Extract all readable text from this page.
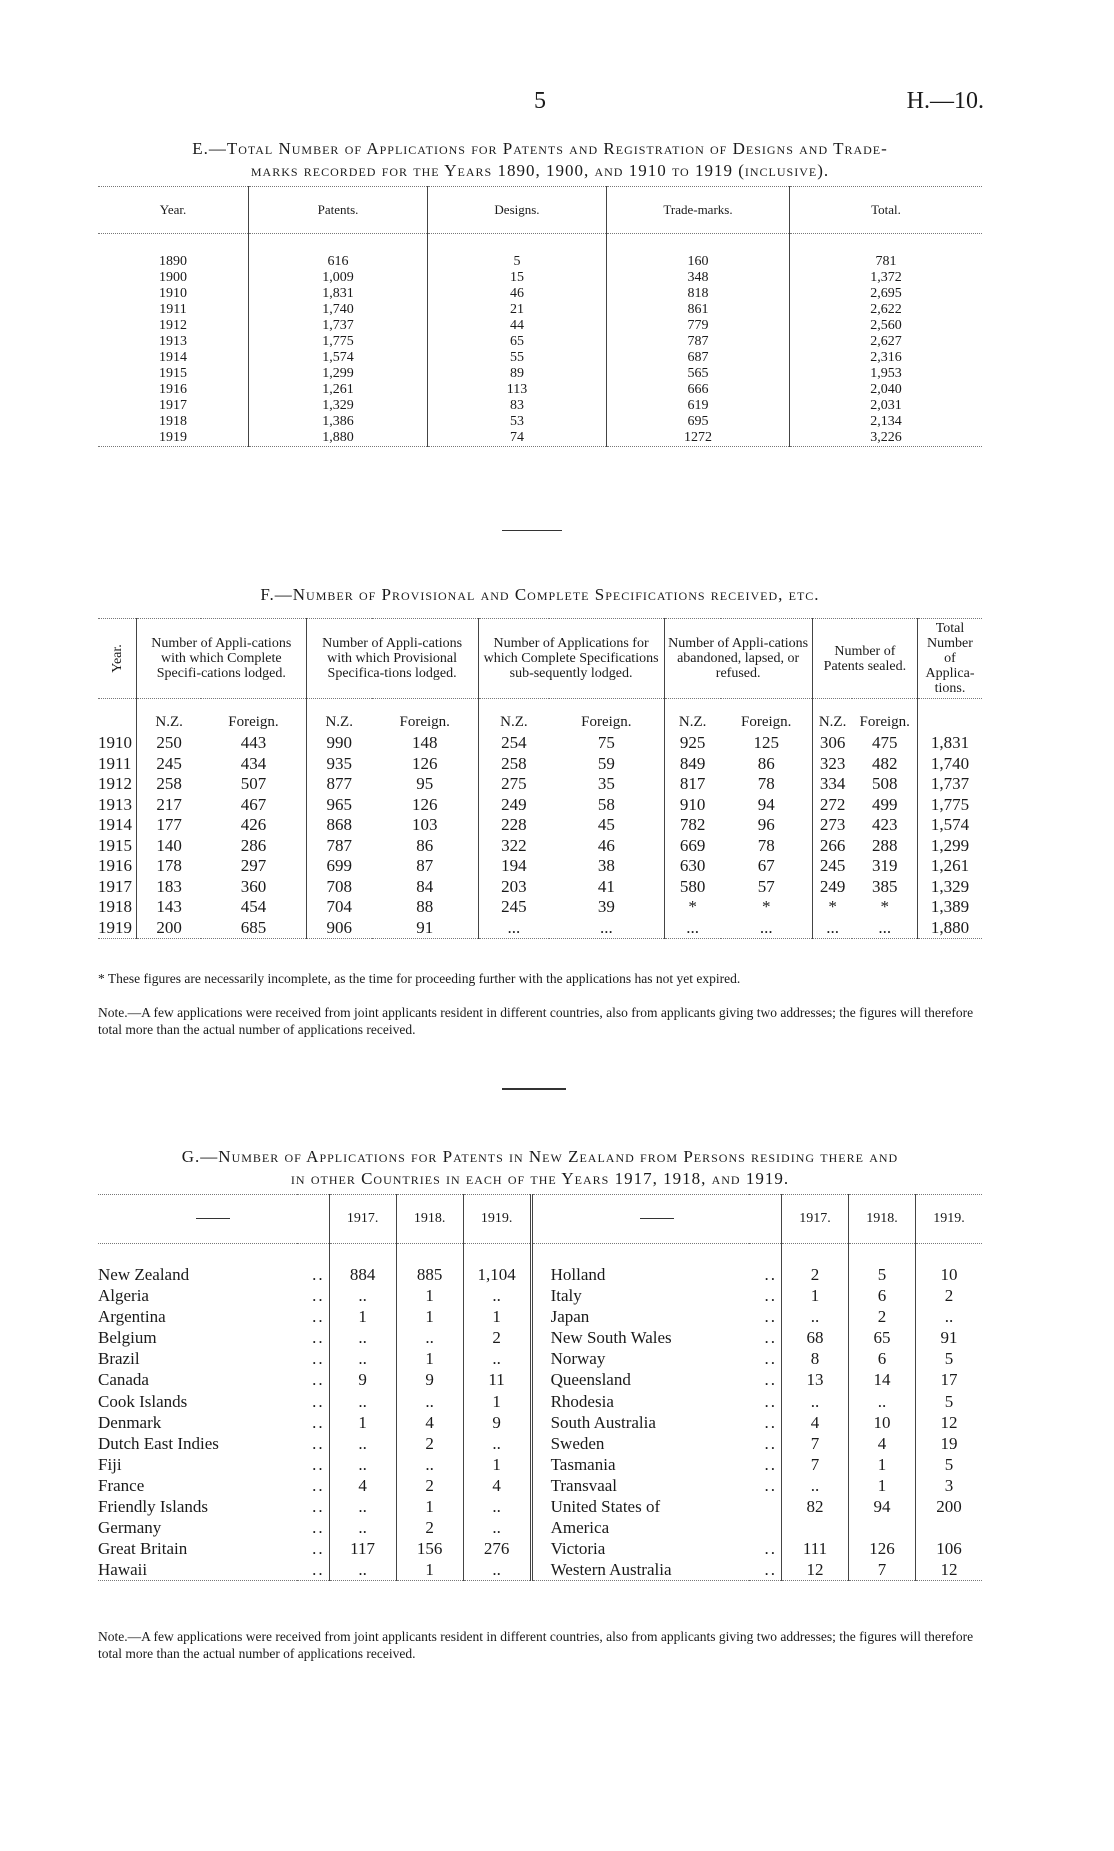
5	H.—10.
E.—Total Number of Applications for Patents and Registration of Designs and Trade-
marks recorded for the Years 1890, 1900, and 1910 to 1919 (inclusive).
Year.	Patents.	Designs.	Trade-marks.	Total.
1890	616	5	160	781
1900	1,009	15	348	1,372
1910	1,831	46	818	2,695
1911	1,740	21	861	2,622
1912	1,737	44	779	2,560
1913	1,775	65	787	2,627
1914	1,574	55	687	2,316
1915	1,299	89	565	1,953
1916	1,261	113	666	2,040
1917	1,329	83	619	2,031
1918	1,386	53	695	2,134
1919	1,880	74	1272	3,226
F.—Number of Provisional and Complete Specifications received, etc.
Year.	Number of Appli-cations with which Complete Specifi-cations lodged.		Number of Appli-cations with which Provisional Specifica-tions lodged.		Number of Applications for which Complete Specifications sub-sequently lodged.		Number of Appli-cations abandoned, lapsed, or refused.		Number of Patents sealed.		Total Number of Applica-tions.
	N.Z.	Foreign.	N.Z.	Foreign.	N.Z.	Foreign.	N.Z.	Foreign.	N.Z.	Foreign.	
1910	250	443	990	148	254	75	925	125	306	475	1,831
1911	245	434	935	126	258	59	849	86	323	482	1,740
1912	258	507	877	95	275	35	817	78	334	508	1,737
1913	217	467	965	126	249	58	910	94	272	499	1,775
1914	177	426	868	103	228	45	782	96	273	423	1,574
1915	140	286	787	86	322	46	669	78	266	288	1,299
1916	178	297	699	87	194	38	630	67	245	319	1,261
1917	183	360	708	84	203	41	580	57	249	385	1,329
1918	143	454	704	88	245	39	*	*	*	*	1,389
1919	200	685	906	91	...	...	...	...	...	...	1,880
* These figures are necessarily incomplete, as the time for proceeding further with the applications has not yet expired.
Note.—A few applications were received from joint applicants resident in different countries, also from applicants giving two addresses; the figures will therefore total more than the actual number of applications received.
G.—Number of Applications for Patents in New Zealand from Persons residing there and
in other Countries in each of the Years 1917, 1918, and 1919.
		1917.	1918.	1919.			1917.	1918.	1919.
New Zealand	..	884	885	1,104	Holland	..	2	5	10
Algeria	..	..	1	..	Italy	..	1	6	2
Argentina	..	1	1	1	Japan	..	..	2	..
Belgium	..	..	..	2	New South Wales	..	68	65	91
Brazil	..	..	1	..	Norway	..	8	6	5
Canada	..	9	9	11	Queensland	..	13	14	17
Cook Islands	..	..	..	1	Rhodesia	..	..	..	5
Denmark	..	1	4	9	South Australia	..	4	10	12
Dutch East Indies	..	..	2	..	Sweden	..	7	4	19
Fiji	..	..	..	1	Tasmania	..	7	1	5
France	..	4	2	4	Transvaal	..	..	1	3
Friendly Islands	..	..	1	..	United States of		82	94	200
Germany	..	..	2	..	America				
Great Britain	..	117	156	276	Victoria	..	111	126	106
Hawaii	..	..	1	..	Western Australia	..	12	7	12
Note.—A few applications were received from joint applicants resident in different countries, also from applicants giving two addresses; the figures will therefore total more than the actual number of applications received.
